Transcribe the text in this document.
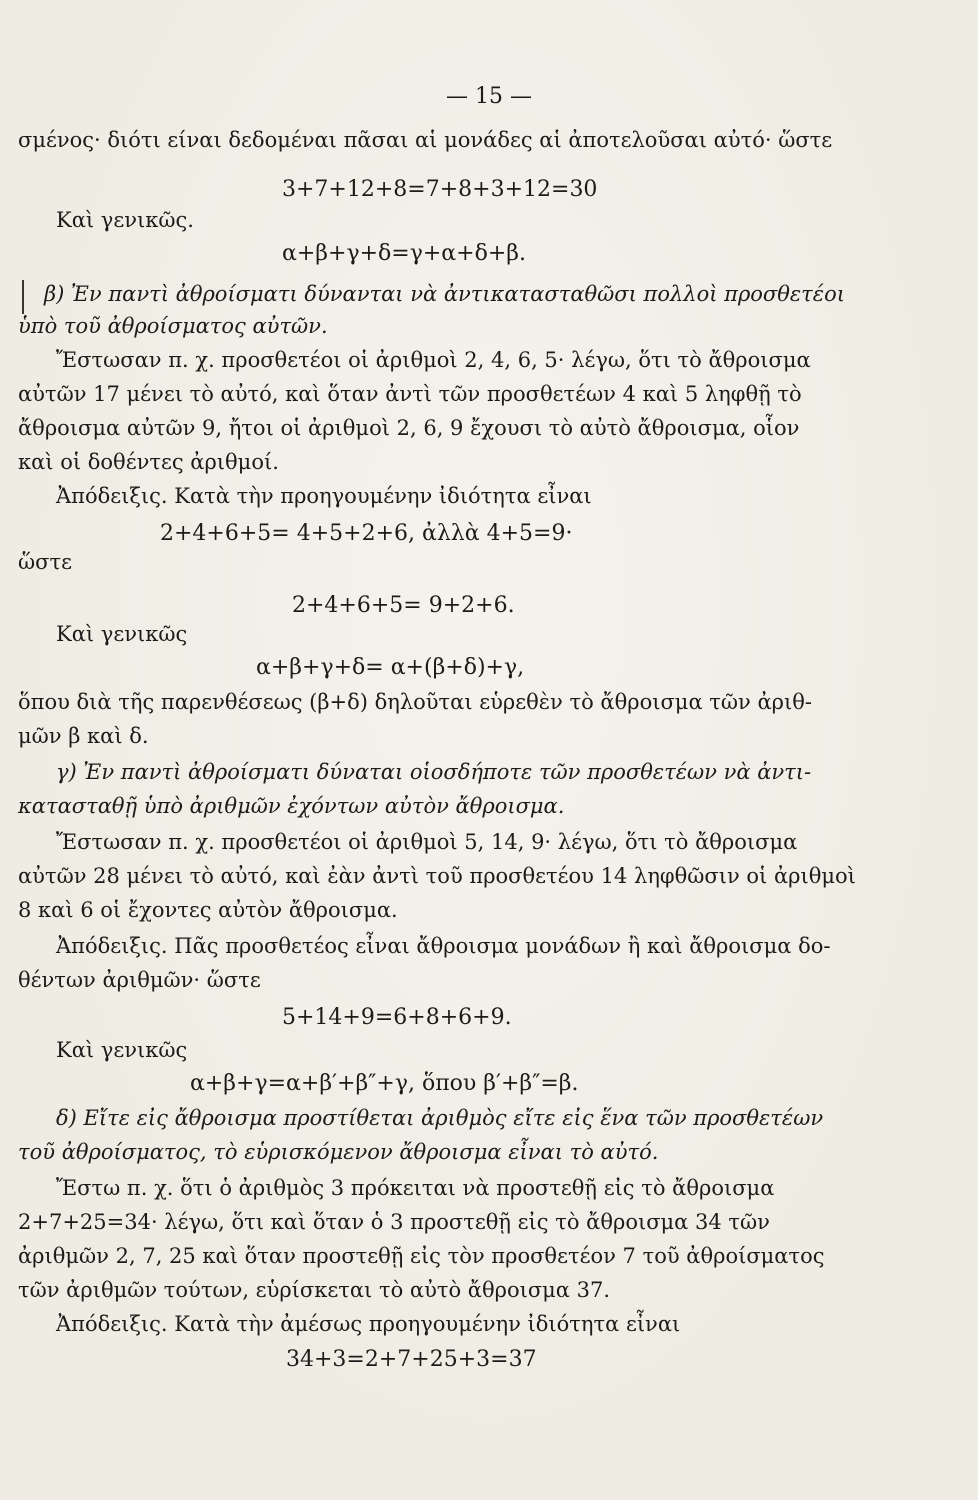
— 15 —
σμένος· διότι είναι δεδομέναι πᾶσαι αἱ μονάδες αἱ ἀποτελοῦσαι αὐτό· ὥστε
3+7+12+8=7+8+3+12=30
Καὶ γενικῶς.
α+β+γ+δ=γ+α+δ+β.
β) Ἐν παντὶ ἀθροίσματι δύνανται νὰ ἀντικατασταθῶσι πολλοὶ προσθετέοι
ὑπὸ τοῦ ἀθροίσματος αὐτῶν.
Ἔστωσαν π. χ. προσθετέοι οἱ ἀριθμοὶ 2, 4, 6, 5· λέγω, ὅτι τὸ ἄθροισμα
αὐτῶν 17 μένει τὸ αὐτό, καὶ ὅταν ἀντὶ τῶν προσθετέων 4 καὶ 5 ληφθῇ τὸ
ἄθροισμα αὐτῶν 9, ἤτοι οἱ ἀριθμοὶ 2, 6, 9 ἔχουσι τὸ αὐτὸ ἄθροισμα, οἷον
καὶ οἱ δοθέντες ἀριθμοί.
Ἀπόδειξις. Κατὰ τὴν προηγουμένην ἰδιότητα εἶναι
2+4+6+5= 4+5+2+6, ἀλλὰ 4+5=9·
ὥστε
2+4+6+5= 9+2+6.
Καὶ γενικῶς
α+β+γ+δ= α+(β+δ)+γ,
ὅπου διὰ τῆς παρενθέσεως (β+δ) δηλοῦται εὑρεθὲν τὸ ἄθροισμα τῶν ἀριθ-
μῶν β καὶ δ.
γ) Ἐν παντὶ ἀθροίσματι δύναται οἱοσδήποτε τῶν προσθετέων νὰ ἀντι-
κατασταθῇ ὑπὸ ἀριθμῶν ἐχόντων αὐτὸν ἄθροισμα.
Ἔστωσαν π. χ. προσθετέοι οἱ ἀριθμοὶ 5, 14, 9· λέγω, ὅτι τὸ ἄθροισμα
αὐτῶν 28 μένει τὸ αὐτό, καὶ ἐὰν ἀντὶ τοῦ προσθετέου 14 ληφθῶσιν οἱ ἀριθμοὶ
8 καὶ 6 οἱ ἔχοντες αὐτὸν ἄθροισμα.
Ἀπόδειξις. Πᾶς προσθετέος εἶναι ἄθροισμα μονάδων ἢ καὶ ἄθροισμα δο-
θέντων ἀριθμῶν· ὥστε
5+14+9=6+8+6+9.
Καὶ γενικῶς
α+β+γ=α+β′+β″+γ, ὅπου β′+β″=β.
δ) Εἴτε εἰς ἄθροισμα προστίθεται ἀριθμὸς εἴτε εἰς ἕνα τῶν προσθετέων
τοῦ ἀθροίσματος, τὸ εὑρισκόμενον ἄθροισμα εἶναι τὸ αὐτό.
Ἔστω π. χ. ὅτι ὁ ἀριθμὸς 3 πρόκειται νὰ προστεθῇ εἰς τὸ ἄθροισμα
2+7+25=34· λέγω, ὅτι καὶ ὅταν ὁ 3 προστεθῇ εἰς τὸ ἄθροισμα 34 τῶν
ἀριθμῶν 2, 7, 25 καὶ ὅταν προστεθῇ εἰς τὸν προσθετέον 7 τοῦ ἀθροίσματος
τῶν ἀριθμῶν τούτων, εὑρίσκεται τὸ αὐτὸ ἄθροισμα 37.
Ἀπόδειξις. Κατὰ τὴν ἀμέσως προηγουμένην ἰδιότητα εἶναι
34+3=2+7+25+3=37
